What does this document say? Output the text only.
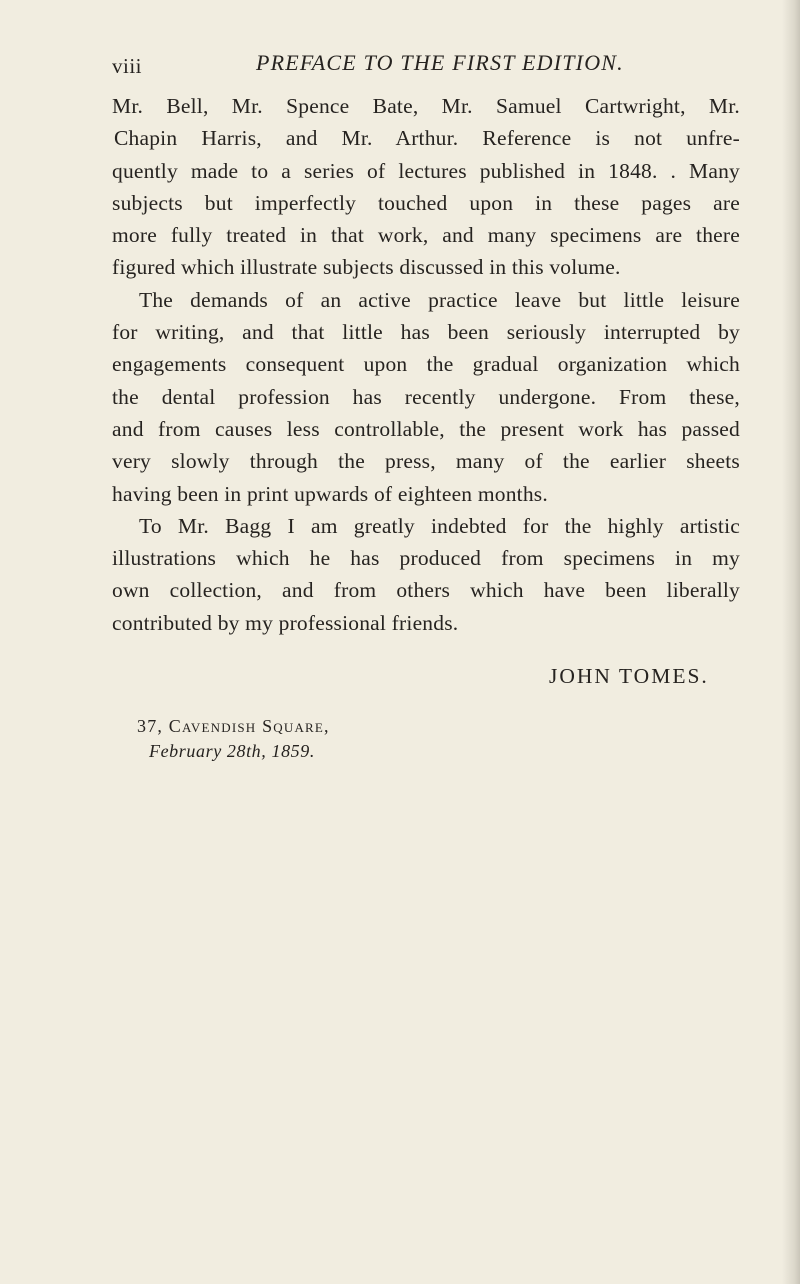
viii	PREFACE TO THE FIRST EDITION.
Mr. Bell, Mr. Spence Bate, Mr. Samuel Cartwright, Mr.
Chapin Harris, and Mr. Arthur. Reference is not unfre-
quently made to a series of lectures published in 1848. . Many
subjects but imperfectly touched upon in these pages are
more fully treated in that work, and many specimens are there
figured which illustrate subjects discussed in this volume.
The demands of an active practice leave but little leisure
for writing, and that little has been seriously interrupted by
engagements consequent upon the gradual organization which
the dental profession has recently undergone. From these,
and from causes less controllable, the present work has passed
very slowly through the press, many of the earlier sheets
having been in print upwards of eighteen months.
To Mr. Bagg I am greatly indebted for the highly artistic
illustrations which he has produced from specimens in my
own collection, and from others which have been liberally
contributed by my professional friends.
JOHN TOMES.
37, Cavendish Square,
February 28th, 1859.
